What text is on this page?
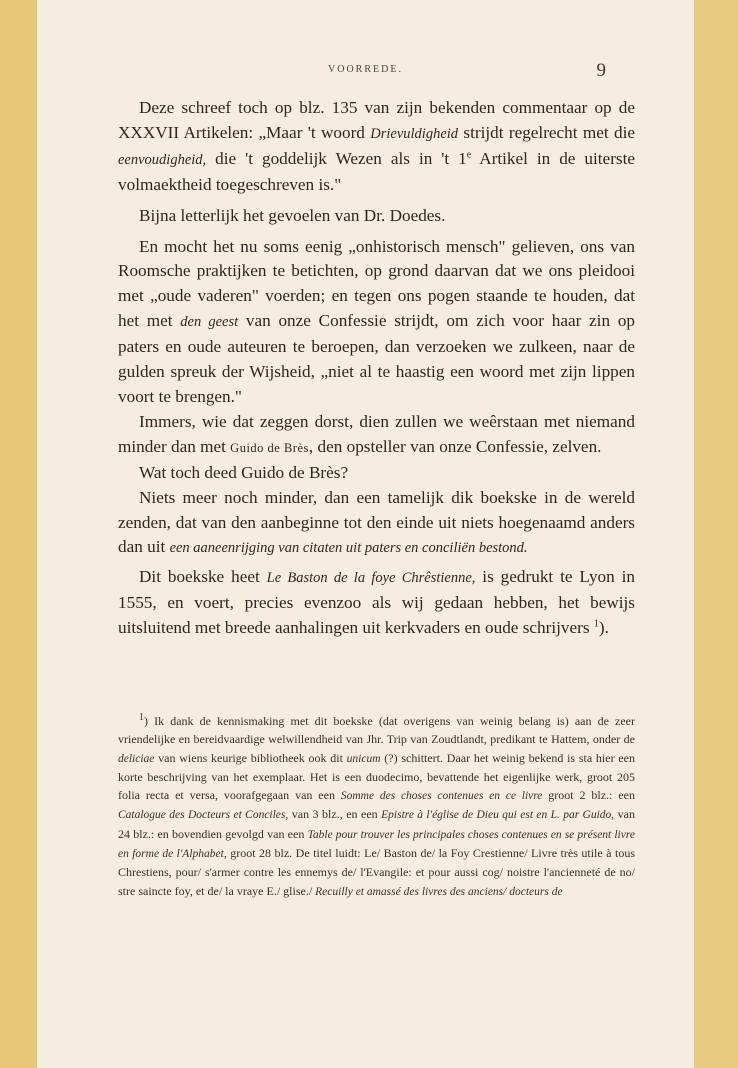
VOORREDE.	9

Deze schreef toch op blz. 135 van zijn bekenden commentaar op de XXXVII Artikelen: „Maar 't woord Drievuldigheid strijdt regelrecht met die eenvoudigheid, die 't goddelijk Wezen als in 't 1e Artikel in de uiterste volmaektheid toegeschreven is."

Bijna letterlijk het gevoelen van Dr. Doedes.

En mocht het nu soms eenig „onhistorisch mensch" gelieven, ons van Roomsche praktijken te betichten, op grond daarvan dat we ons pleidooi met „oude vaderen" voerden; en tegen ons pogen staande te houden, dat het met den geest van onze Confessie strijdt, om zich voor haar zin op paters en oude auteuren te beroepen, dan verzoeken we zulkeen, naar de gulden spreuk der Wijsheid, „niet al te haastig een woord met zijn lippen voort te brengen."

Immers, wie dat zeggen dorst, dien zullen we weêrstaan met niemand minder dan met Guido de Brès, den opsteller van onze Confessie, zelven.

Wat toch deed Guido de Brès?

Niets meer noch minder, dan een tamelijk dik boekske in de wereld zenden, dat van den aanbeginne tot den einde uit niets hoegenaamd anders dan uit een aaneenrijging van citaten uit paters en conciliën bestond.

Dit boekske heet Le Baston de la foye Chrêstienne, is gedrukt te Lyon in 1555, en voert, precies evenzoo als wij gedaan hebben, het bewijs uitsluitend met breede aanhalingen uit kerkvaders en oude schrijvers $^1$).

$^1$) Ik dank de kennismaking met dit boekske (dat overigens van weinig belang is) aan de zeer vriendelijke en bereidvaardige welwillendheid van Jhr. Trip van Zoudtlandt, predikant te Hattem, onder de deliciae van wiens keurige bibliotheek ook dit unicum (?) schittert. Daar het weinig bekend is sta hier een korte beschrijving van het exemplaar. Het is een duodecimo, bevattende het eigenlijke werk, groot 205 folia recta et versa, voorafgegaan van een Somme des choses contenues en ce livre groot 2 blz.: een Catalogue des Docteurs et Conciles, van 3 blz., en een Epistre à l'église de Dieu qui est en L. par Guido, van 24 blz.: en bovendien gevolgd van een Table pour trouver les principales choses contenues en se présent livre en forme de l'Alphabet, groot 28 blz. De titel luidt: Le/ Baston de/ la Foy Crestienne/ Livre très utile à tous Chrestiens, pour/ s'armer contre les ennemys de/ l'Evangile: et pour aussi cog/ noistre l'ancienneté de no/ stre saincte foy, et de/ la vraye E./ glise./ Recuilly et amassé des livres des anciens/ docteurs de
